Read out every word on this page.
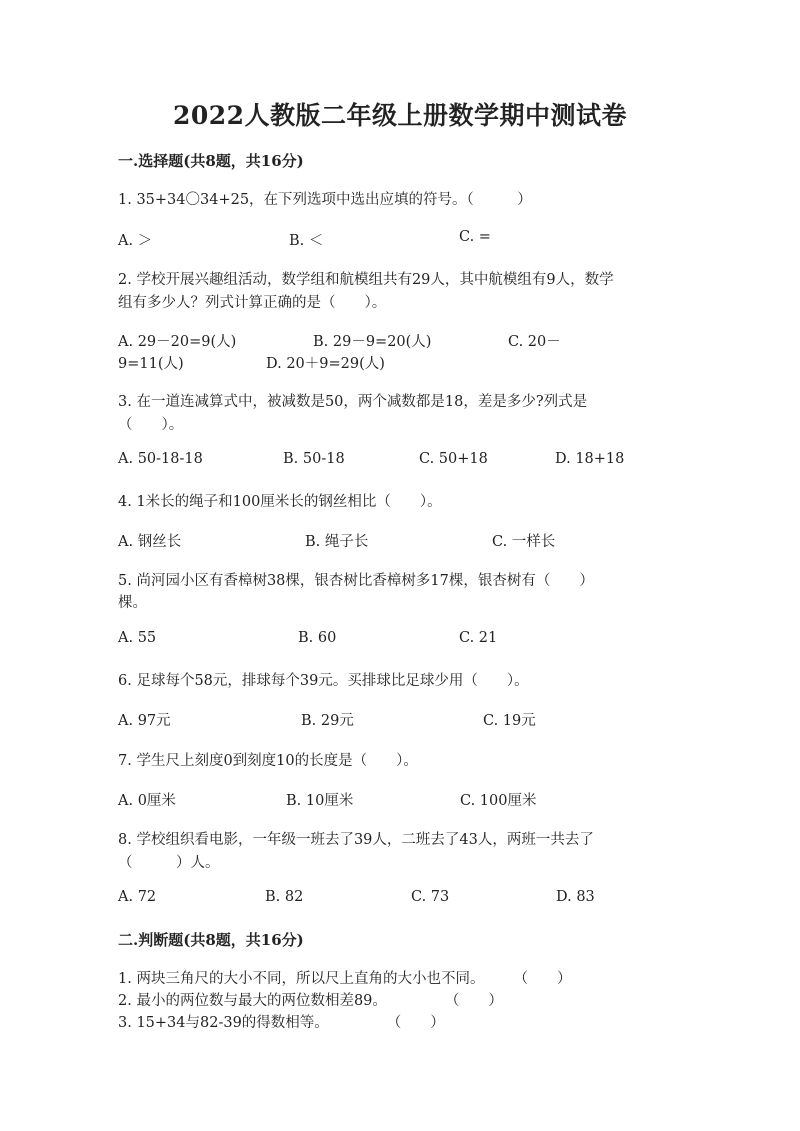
2022人教版二年级上册数学期中测试卷
一.选择题(共8题，共16分)
1. 35+34〇34+25，在下列选项中选出应填的符号。（　　　）
A. ＞	B. ＜	C. =
2. 学校开展兴趣组活动，数学组和航模组共有29人，其中航模组有9人，数学
组有多少人？列式计算正确的是（　　）。
A. 29－20=9(人)	B. 29－9=20(人)	C. 20－
9=11(人)	D. 20＋9=29(人)
3. 在一道连减算式中，被减数是50，两个减数都是18，差是多少?列式是
（　　）。
A. 50-18-18	B. 50-18	C. 50+18	D. 18+18
4. 1米长的绳子和100厘米长的钢丝相比（　　）。
A. 钢丝长	B. 绳子长	C. 一样长
5. 尚河园小区有香樟树38棵，银杏树比香樟树多17棵，银杏树有（　　）
棵。
A. 55	B. 60	C. 21
6. 足球每个58元，排球每个39元。买排球比足球少用（　　）。
A. 97元	B. 29元	C. 19元
7. 学生尺上刻度0到刻度10的长度是（　　）。
A. 0厘米	B. 10厘米	C. 100厘米
8. 学校组织看电影，一年级一班去了39人，二班去了43人，两班一共去了
（　　　）人。
A. 72	B. 82	C. 73	D. 83
二.判断题(共8题，共16分)
1. 两块三角尺的大小不同，所以尺上直角的大小也不同。　　　（　　）
2. 最小的两位数与最大的两位数相差89。　　　　　（　　）
3. 15+34与82-39的得数相等。　　　　　（　　）
